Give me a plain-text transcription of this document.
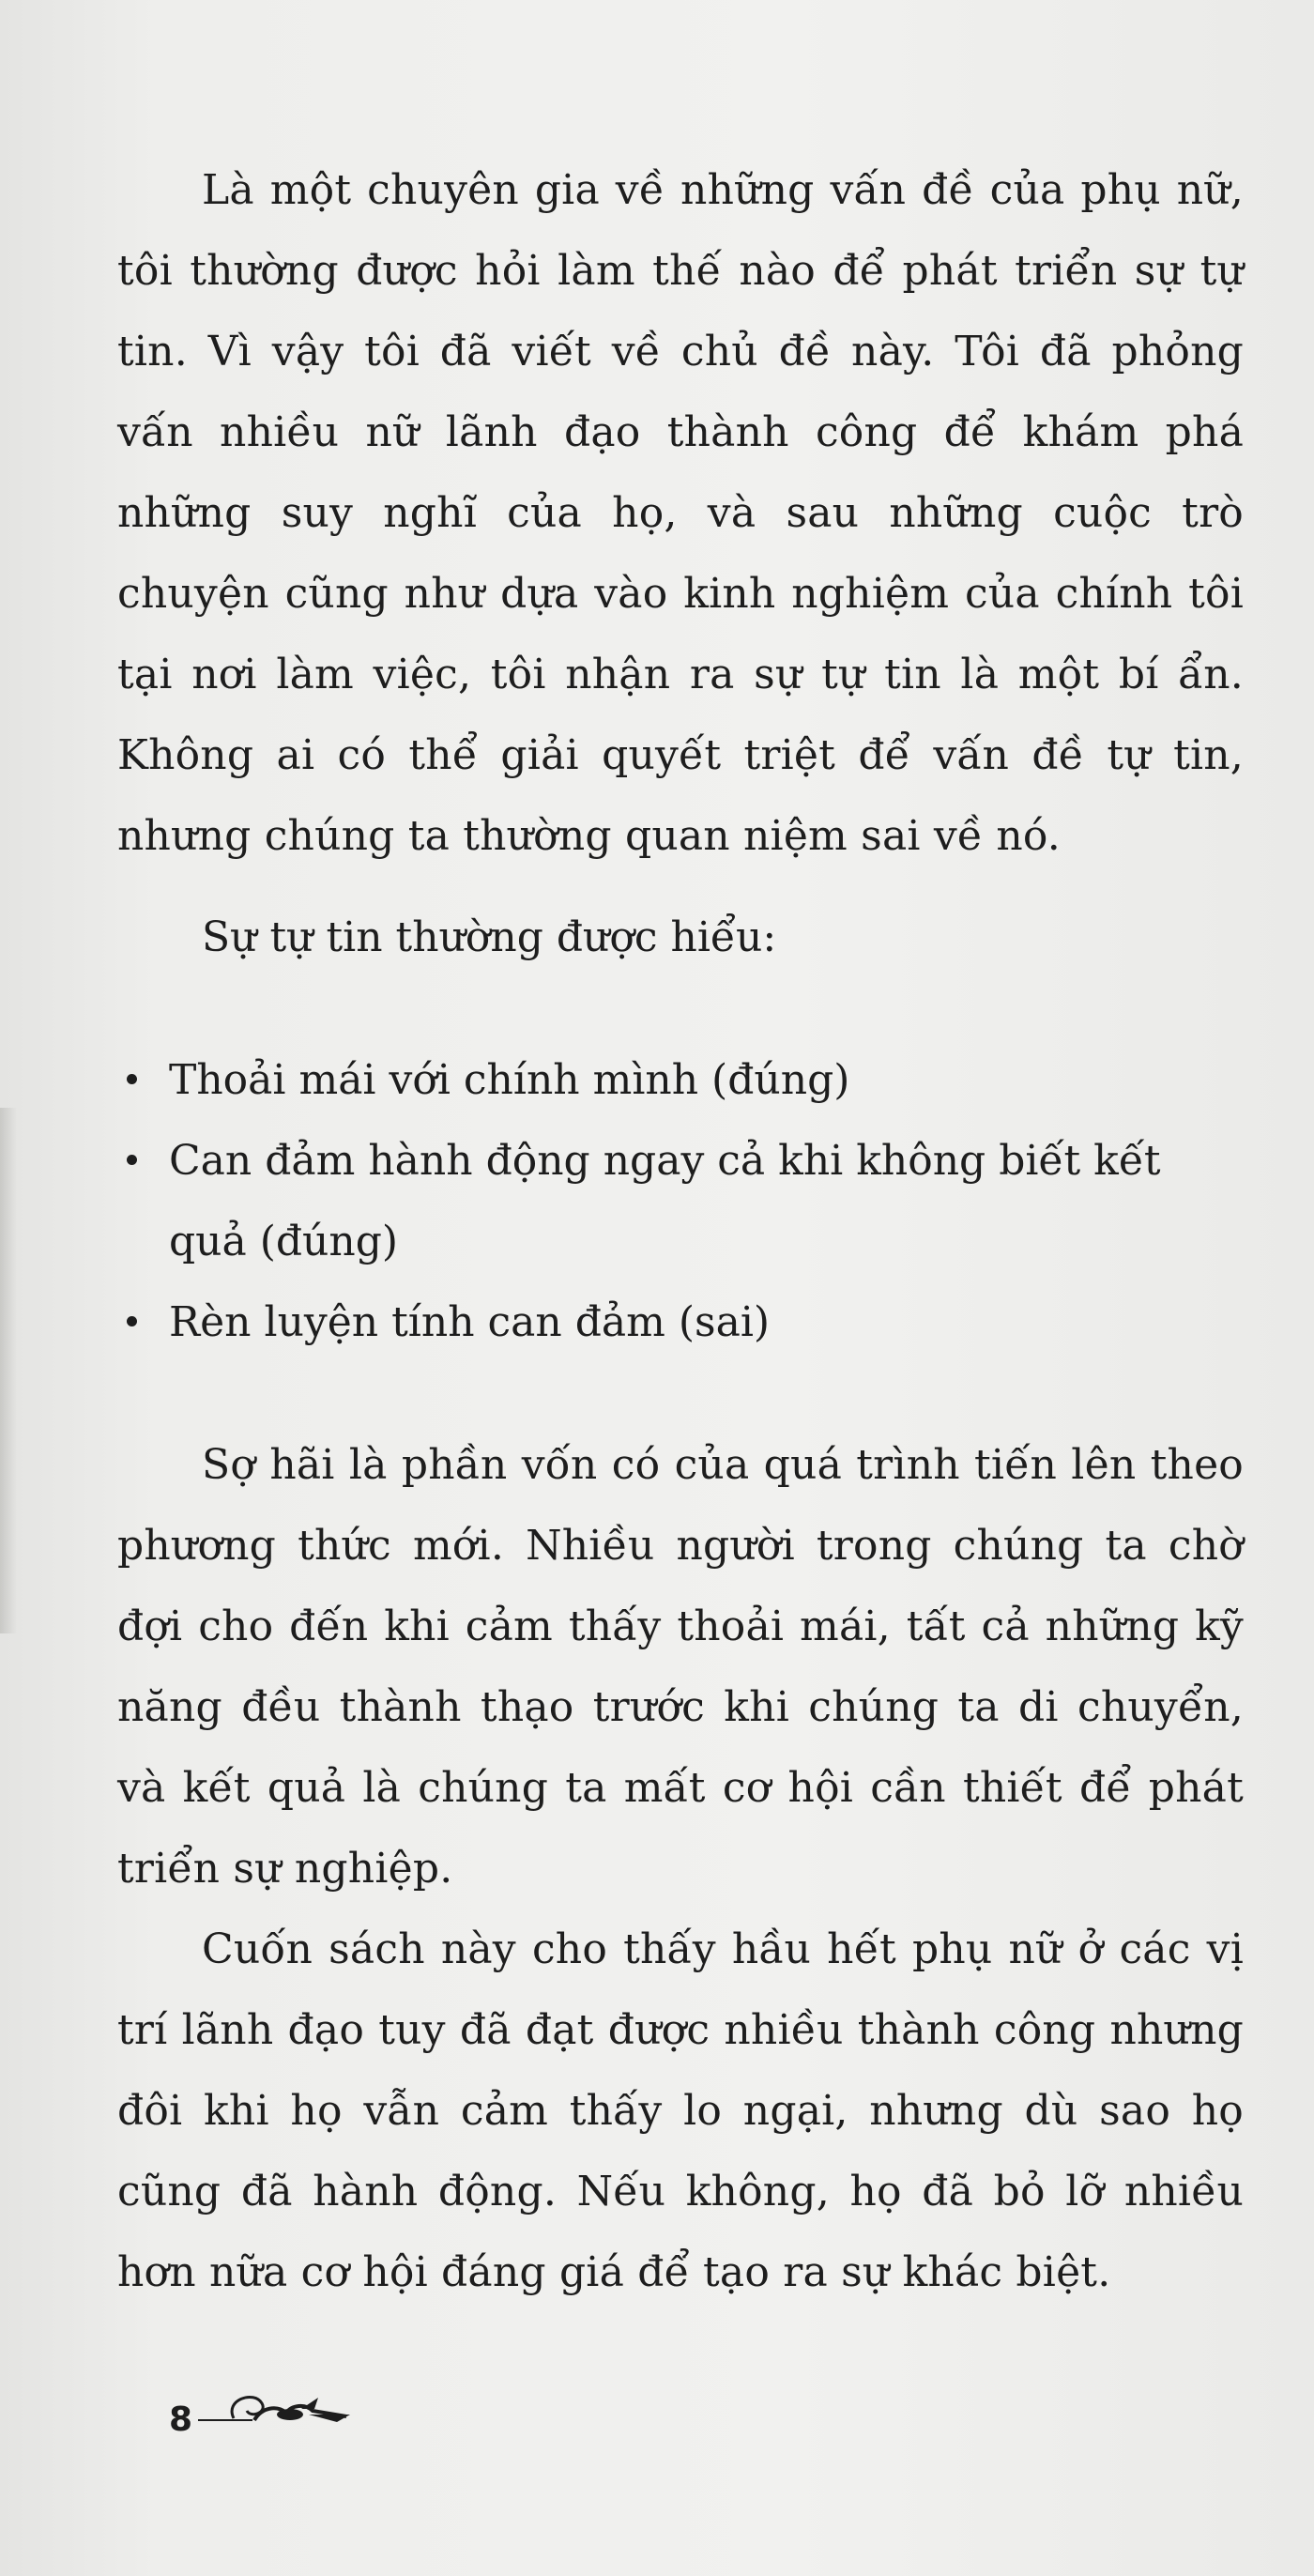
Là một chuyên gia về những vấn đề của phụ nữ, tôi thường được hỏi làm thế nào để phát triển sự tự tin. Vì vậy tôi đã viết về chủ đề này. Tôi đã phỏng vấn nhiều nữ lãnh đạo thành công để khám phá những suy nghĩ của họ, và sau những cuộc trò chuyện cũng như dựa vào kinh nghiệm của chính tôi tại nơi làm việc, tôi nhận ra sự tự tin là một bí ẩn. Không ai có thể giải quyết triệt để vấn đề tự tin, nhưng chúng ta thường quan niệm sai về nó.

Sự tự tin thường được hiểu:

Thoải mái với chính mình (đúng)
Can đảm hành động ngay cả khi không biết kết quả (đúng)
Rèn luyện tính can đảm (sai)

Sợ hãi là phần vốn có của quá trình tiến lên theo phương thức mới. Nhiều người trong chúng ta chờ đợi cho đến khi cảm thấy thoải mái, tất cả những kỹ năng đều thành thạo trước khi chúng ta di chuyển, và kết quả là chúng ta mất cơ hội cần thiết để phát triển sự nghiệp.

Cuốn sách này cho thấy hầu hết phụ nữ ở các vị trí lãnh đạo tuy đã đạt được nhiều thành công nhưng đôi khi họ vẫn cảm thấy lo ngại, nhưng dù sao họ cũng đã hành động. Nếu không, họ đã bỏ lỡ nhiều hơn nữa cơ hội đáng giá để tạo ra sự khác biệt.

8
